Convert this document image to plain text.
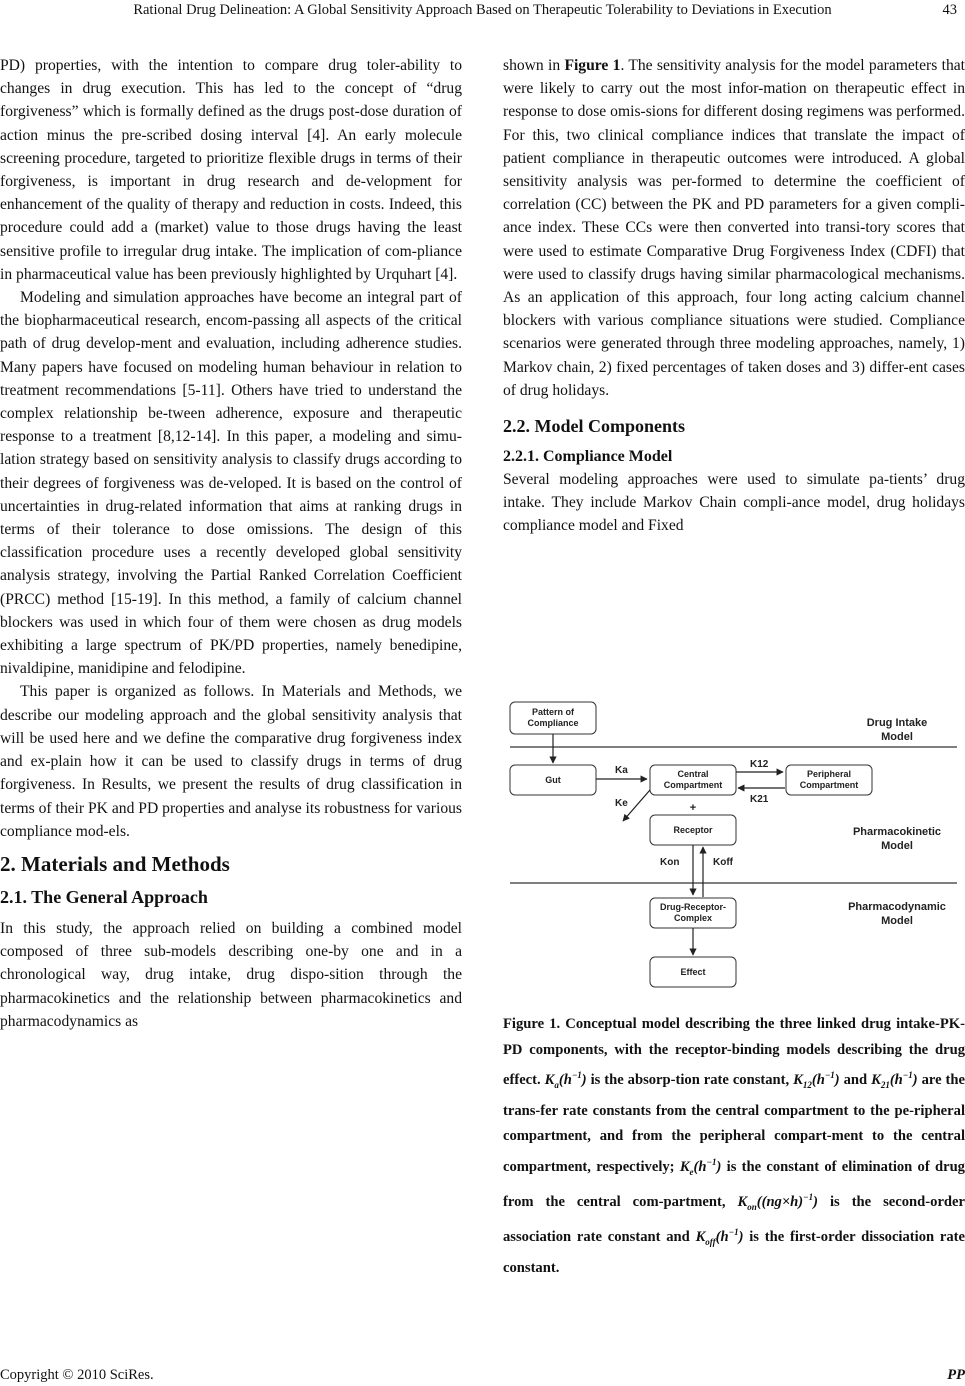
Rational Drug Delineation: A Global Sensitivity Approach Based on Therapeutic Tolerability to Deviations in Execution	43

PD) properties, with the intention to compare drug toler-ability to changes in drug execution. This has led to the concept of “drug forgiveness” which is formally defined as the drugs post-dose duration of action minus the pre-scribed dosing interval [4]. An early molecule screening procedure, targeted to prioritize flexible drugs in terms of their forgiveness, is important in drug research and de-velopment for enhancement of the quality of therapy and reduction in costs. Indeed, this procedure could add a (market) value to those drugs having the least sensitive profile to irregular drug intake. The implication of com-pliance in pharmaceutical value has been previously highlighted by Urquhart [4].

Modeling and simulation approaches have become an integral part of the biopharmaceutical research, encom-passing all aspects of the critical path of drug develop-ment and evaluation, including adherence studies. Many papers have focused on modeling human behaviour in relation to treatment recommendations [5-11]. Others have tried to understand the complex relationship be-tween adherence, exposure and therapeutic response to a treatment [8,12-14]. In this paper, a modeling and simu-lation strategy based on sensitivity analysis to classify drugs according to their degrees of forgiveness was de-veloped. It is based on the control of uncertainties in drug-related information that aims at ranking drugs in terms of their tolerance to dose omissions. The design of this classification procedure uses a recently developed global sensitivity analysis strategy, involving the Partial Ranked Correlation Coefficient (PRCC) method [15-19]. In this method, a family of calcium channel blockers was used in which four of them were chosen as drug models exhibiting a large spectrum of PK/PD properties, namely benedipine, nivaldipine, manidipine and felodipine.

This paper is organized as follows. In Materials and Methods, we describe our modeling approach and the global sensitivity analysis that will be used here and we define the comparative drug forgiveness index and ex-plain how it can be used to classify drugs in terms of drug forgiveness. In Results, we present the results of drug classification in terms of their PK and PD properties and analyse its robustness for various compliance mod-els.

2. Materials and Methods
2.1. The General Approach

In this study, the approach relied on building a combined model composed of three sub-models describing one-by one and in a chronological way, drug intake, drug dispo-sition through the pharmacokinetics and the relationship between pharmacokinetics and pharmacodynamics as

shown in Figure 1. The sensitivity analysis for the model parameters that were likely to carry out the most infor-mation on therapeutic effect in response to dose omis-sions for different dosing regimens was performed. For this, two clinical compliance indices that translate the impact of patient compliance in therapeutic outcomes were introduced. A global sensitivity analysis was per-formed to determine the coefficient of correlation (CC) between the PK and PD parameters for a given compli-ance index. These CCs were then converted into transi-tory scores that were used to estimate Comparative Drug Forgiveness Index (CDFI) that were used to classify drugs having similar pharmacological mechanisms. As an application of this approach, four long acting calcium channel blockers with various compliance situations were studied. Compliance scenarios were generated through three modeling approaches, namely, 1) Markov chain, 2) fixed percentages of taken doses and 3) differ-ent cases of drug holidays.

2.2. Model Components
2.2.1. Compliance Model

Several modeling approaches were used to simulate pa-tients’ drug intake. They include Markov Chain compli-ance model, drug holidays compliance model and Fixed

Pattern of
Compliance	Drug Intake
Model
Gut
Ka	Central
Compartment
Ke
K12
K21
Peripheral
Compartment
+
Receptor
Kon	Koff
Pharmacokinetic
Model
Drug-Receptor-
Complex
Pharmacodynamic
Model
Effect
Figure 1. Conceptual model describing the three linked drug intake-PK-PD components, with the receptor-binding models describing the drug effect. $K_a(h^{-1})$ is the absorp-tion rate constant, $K_{12}(h^{-1})$ and $K_{21}(h^{-1})$ are the trans-fer rate constants from the central compartment to the pe-ripheral compartment, and from the peripheral compart-ment to the central compartment, respectively; $K_e(h^{-1})$ is the constant of elimination of drug from the central com-partment, $K_{on}((ng\times h)^{-1})$ is the second-order association rate constant and $K_{off}(h^{-1})$ is the first-order dissociation rate constant.
Copyright © 2010 SciRes.	PP
